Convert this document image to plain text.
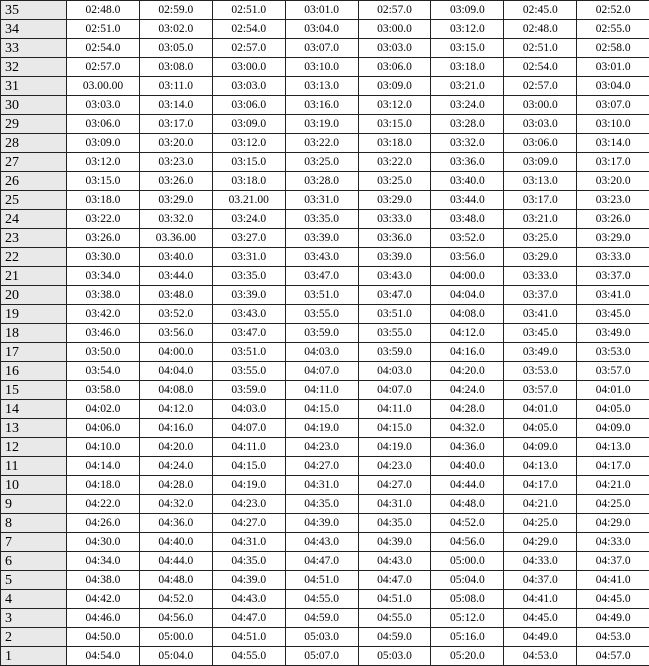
35	02:48.0	02:59.0	02:51.0	03:01.0	02:57.0	03:09.0	02:45.0	02:52.0
34	02:51.0	03:02.0	02:54.0	03:04.0	03:00.0	03:12.0	02:48.0	02:55.0
33	02:54.0	03:05.0	02:57.0	03:07.0	03:03.0	03:15.0	02:51.0	02:58.0
32	02:57.0	03:08.0	03:00.0	03:10.0	03:06.0	03:18.0	02:54.0	03:01.0
31	03.00.00	03:11.0	03:03.0	03:13.0	03:09.0	03:21.0	02:57.0	03:04.0
30	03:03.0	03:14.0	03:06.0	03:16.0	03:12.0	03:24.0	03:00.0	03:07.0
29	03:06.0	03:17.0	03:09.0	03:19.0	03:15.0	03:28.0	03:03.0	03:10.0
28	03:09.0	03:20.0	03:12.0	03:22.0	03:18.0	03:32.0	03:06.0	03:14.0
27	03:12.0	03:23.0	03:15.0	03:25.0	03:22.0	03:36.0	03:09.0	03:17.0
26	03:15.0	03:26.0	03:18.0	03:28.0	03:25.0	03:40.0	03:13.0	03:20.0
25	03:18.0	03:29.0	03.21.00	03:31.0	03:29.0	03:44.0	03:17.0	03:23.0
24	03:22.0	03:32.0	03:24.0	03:35.0	03:33.0	03:48.0	03:21.0	03:26.0
23	03:26.0	03.36.00	03:27.0	03:39.0	03:36.0	03:52.0	03:25.0	03:29.0
22	03:30.0	03:40.0	03:31.0	03:43.0	03:39.0	03:56.0	03:29.0	03:33.0
21	03:34.0	03:44.0	03:35.0	03:47.0	03:43.0	04:00.0	03:33.0	03:37.0
20	03:38.0	03:48.0	03:39.0	03:51.0	03:47.0	04:04.0	03:37.0	03:41.0
19	03:42.0	03:52.0	03:43.0	03:55.0	03:51.0	04:08.0	03:41.0	03:45.0
18	03:46.0	03:56.0	03:47.0	03:59.0	03:55.0	04:12.0	03:45.0	03:49.0
17	03:50.0	04:00.0	03:51.0	04:03.0	03:59.0	04:16.0	03:49.0	03:53.0
16	03:54.0	04:04.0	03:55.0	04:07.0	04:03.0	04:20.0	03:53.0	03:57.0
15	03:58.0	04:08.0	03:59.0	04:11.0	04:07.0	04:24.0	03:57.0	04:01.0
14	04:02.0	04:12.0	04:03.0	04:15.0	04:11.0	04:28.0	04:01.0	04:05.0
13	04:06.0	04:16.0	04:07.0	04:19.0	04:15.0	04:32.0	04:05.0	04:09.0
12	04:10.0	04:20.0	04:11.0	04:23.0	04:19.0	04:36.0	04:09.0	04:13.0
11	04:14.0	04:24.0	04:15.0	04:27.0	04:23.0	04:40.0	04:13.0	04:17.0
10	04:18.0	04:28.0	04:19.0	04:31.0	04:27.0	04:44.0	04:17.0	04:21.0
9	04:22.0	04:32.0	04:23.0	04:35.0	04:31.0	04:48.0	04:21.0	04:25.0
8	04:26.0	04:36.0	04:27.0	04:39.0	04:35.0	04:52.0	04:25.0	04:29.0
7	04:30.0	04:40.0	04:31.0	04:43.0	04:39.0	04:56.0	04:29.0	04:33.0
6	04:34.0	04:44.0	04:35.0	04:47.0	04:43.0	05:00.0	04:33.0	04:37.0
5	04:38.0	04:48.0	04:39.0	04:51.0	04:47.0	05:04.0	04:37.0	04:41.0
4	04:42.0	04:52.0	04:43.0	04:55.0	04:51.0	05:08.0	04:41.0	04:45.0
3	04:46.0	04:56.0	04:47.0	04:59.0	04:55.0	05:12.0	04:45.0	04:49.0
2	04:50.0	05:00.0	04:51.0	05:03.0	04:59.0	05:16.0	04:49.0	04:53.0
1	04:54.0	05:04.0	04:55.0	05:07.0	05:03.0	05:20.0	04:53.0	04:57.0
